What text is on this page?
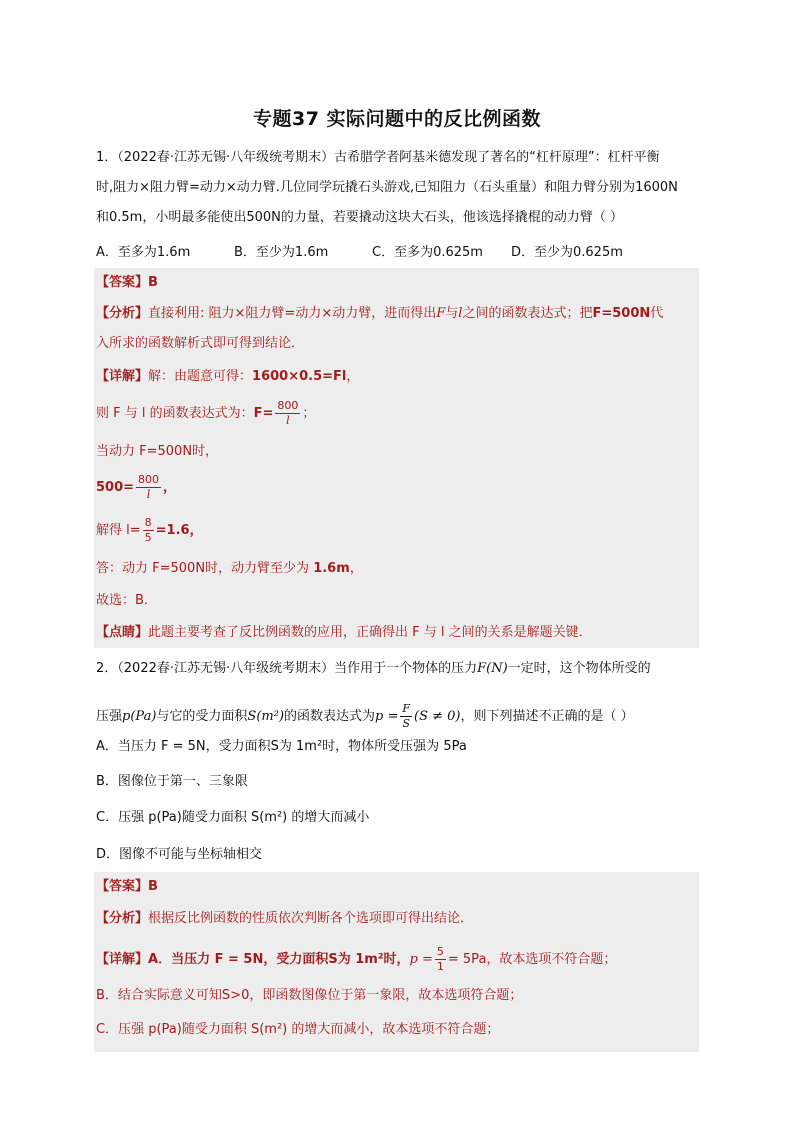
专题37 实际问题中的反比例函数
1．（2022春·江苏无锡·八年级统考期末）古希腊学者阿基米德发现了著名的“杠杆原理”：杠杆平衡
时,阻力×阻力臂=动力×动力臂.几位同学玩撬石头游戏,已知阻力（石头重量）和阻力臂分别为1600N
和0.5m，小明最多能使出500N的力量，若要撬动这块大石头，他该选择撬棍的动力臂（ ）
A．至多为1.6m	B．至少为1.6m	C．至多为0.625m D．至少为0.625m
【答案】B
【分析】直接利用: 阻力×阻力臂=动力×动力臂，进而得出F与l之间的函数表达式；把F=500N代
入所求的函数解析式即可得到结论．
【详解】解：由题意可得：1600×0.5=Fl，
则 F 与 l 的函数表达式为：$F= \frac{800}{l}$ ；
当动力 F=500N时，
$500= \frac{800}{l}$ ，
解得 $l= \frac{8}{5} =1.6$，
答：动力 F=500N时，动力臂至少为 1.6m，
故选：B．
【点睛】此题主要考查了反比例函数的应用，正确得出 F 与 l 之间的关系是解题关键．
2．（2022春·江苏无锡·八年级统考期末）当作用于一个物体的压力F(N)一定时，这个物体所受的
压强p(Pa)与它的受力面积S(m²)的函数表达式为$p = \frac{F}{S} (S \ne 0)$，则下列描述不正确的是（ ）
A．当压力 F = 5N，受力面积S为 1m²时，物体所受压强为 5Pa
B．图像位于第一、三象限
C．压强 p(Pa)随受力面积 S(m²) 的增大而减小
D．图像不可能与坐标轴相交
【答案】B
【分析】根据反比例函数的性质依次判断各个选项即可得出结论．
【详解】A．当压力 F = 5N，受力面积S为 1m²时，$p = \frac{5}{1} = 5Pa$，故本选项不符合题；
B．结合实际意义可知S>0，即函数图像位于第一象限，故本选项符合题；
C．压强 p(Pa)随受力面积 S(m²) 的增大而减小，故本选项不符合题；
